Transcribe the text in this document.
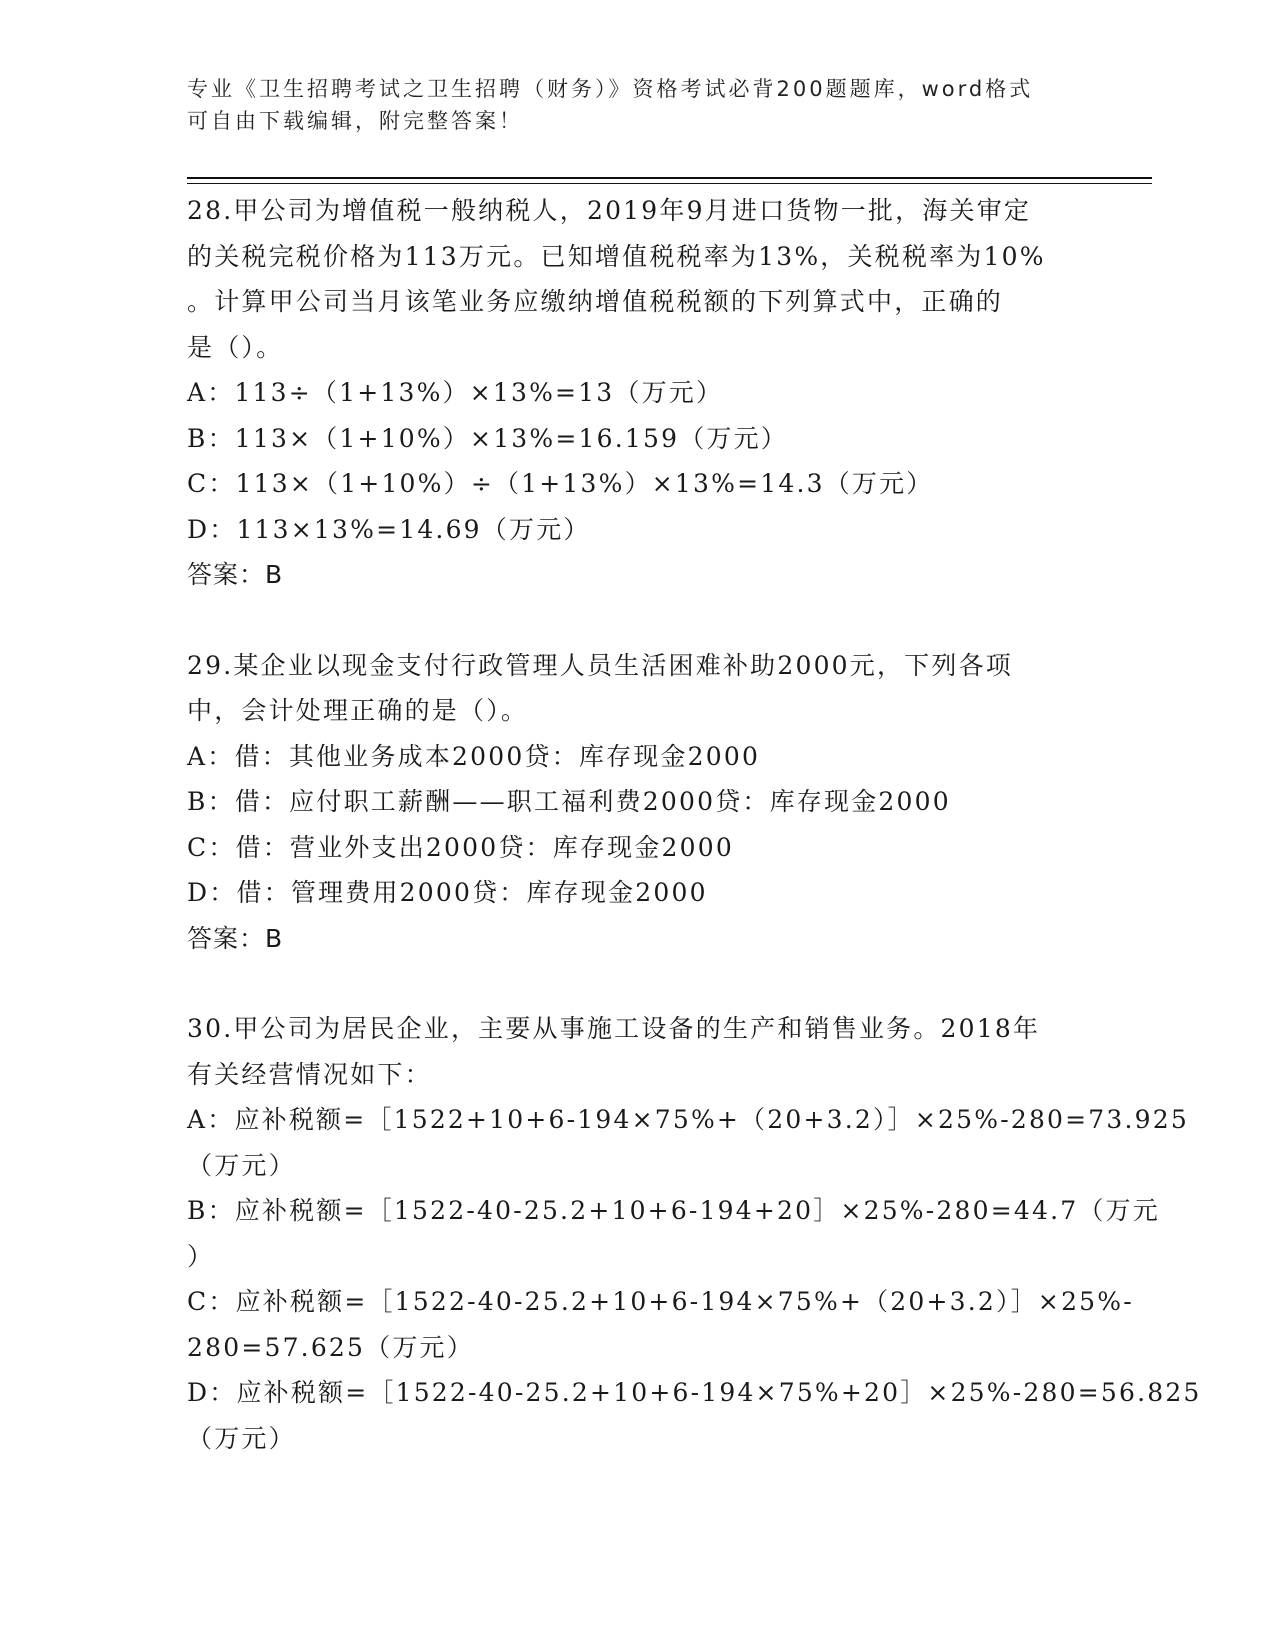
专业《卫生招聘考试之卫生招聘（财务）》资格考试必背200题题库，word格式
可自由下载编辑，附完整答案！
28.甲公司为增值税一般纳税人，2019年9月进口货物一批，海关审定
的关税完税价格为113万元。已知增值税税率为13%，关税税率为10%
。计算甲公司当月该笔业务应缴纳增值税税额的下列算式中，正确的
是（）。
A：113÷（1+13%）×13%=13（万元）
B：113×（1+10%）×13%=16.159（万元）
C：113×（1+10%）÷（1+13%）×13%=14.3（万元）
D：113×13%=14.69（万元）
答案：B
29.某企业以现金支付行政管理人员生活困难补助2000元，下列各项
中，会计处理正确的是（）。
A：借：其他业务成本2000贷：库存现金2000
B：借：应付职工薪酬——职工福利费2000贷：库存现金2000
C：借：营业外支出2000贷：库存现金2000
D：借：管理费用2000贷：库存现金2000
答案：B
30.甲公司为居民企业，主要从事施工设备的生产和销售业务。2018年
有关经营情况如下：
A：应补税额=［1522+10+6-194×75%+（20+3.2）］×25%-280=73.925
（万元）
B：应补税额=［1522-40-25.2+10+6-194+20］×25%-280=44.7（万元
）
C：应补税额=［1522-40-25.2+10+6-194×75%+（20+3.2）］×25%-
280=57.625（万元）
D：应补税额=［1522-40-25.2+10+6-194×75%+20］×25%-280=56.825
（万元）
